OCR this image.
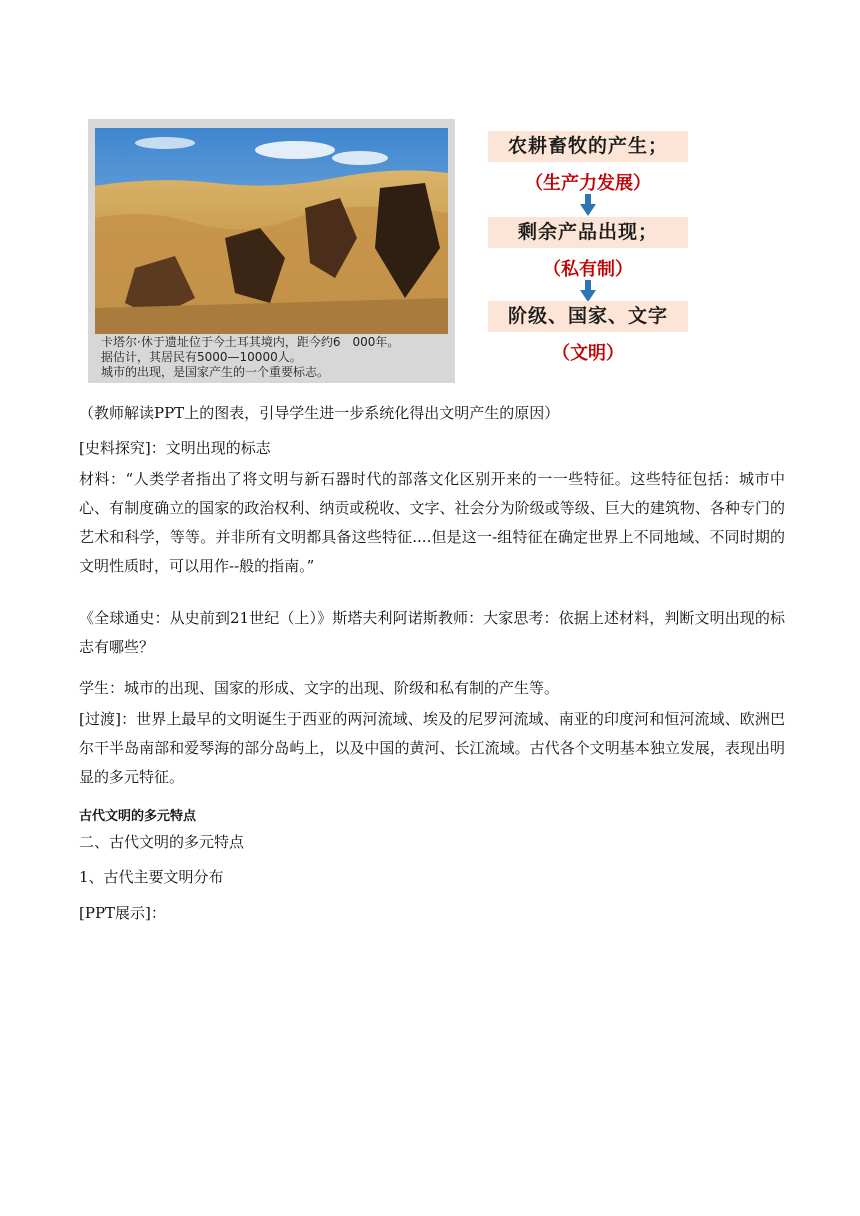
卡塔尔·休于遗址位于今土耳其境内，距今约6　000年。
据估计，其居民有5000—10000人。
城市的出现，是国家产生的一个重要标志。
农耕畜牧的产生；
（生产力发展）
剩余产品出现；
（私有制）
阶级、国家、文字
（文明）
（教师解读PPT上的图表，引导学生进一步系统化得出文明产生的原因）
[史料探究]：文明出现的标志
材料：“人类学者指出了将文明与新石器时代的部落文化区别开来的一一些特征。这些特征包括：城市中心、有制度确立的国家的政治权利、纳贡或税收、文字、社会分为阶级或等级、巨大的建筑物、各种专门的艺术和科学，等等。并非所有文明都具备这些特征....但是这一-组特征在确定世界上不同地域、不同时期的文明性质时，可以用作--般的指南。”
《全球通史：从史前到21世纪（上）》斯塔夫利阿诺斯教师：大家思考：依据上述材料，判断文明出现的标志有哪些？
学生：城市的出现、国家的形成、文字的出现、阶级和私有制的产生等。
[过渡]：世界上最早的文明诞生于西亚的两河流域、埃及的尼罗河流域、南亚的印度河和恒河流域、欧洲巴尔干半岛南部和爱琴海的部分岛屿上，以及中国的黄河、长江流域。古代各个文明基本独立发展，表现出明显的多元特征。
古代文明的多元特点
二、古代文明的多元特点
1、古代主要文明分布
[PPT展示]：
